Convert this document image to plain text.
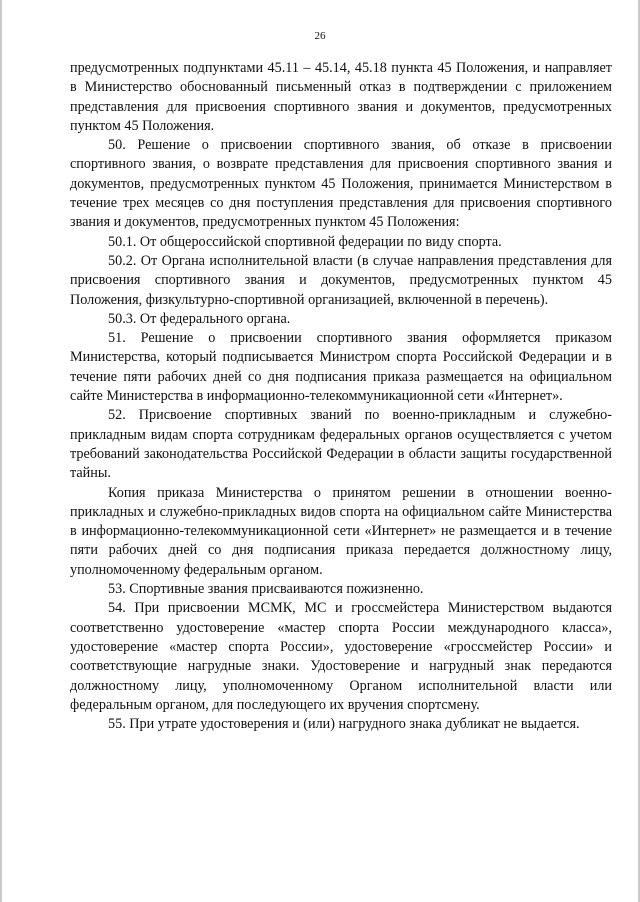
26

предусмотренных подпунктами 45.11 – 45.14, 45.18 пункта 45 Положения, и направляет в Министерство обоснованный письменный отказ в подтверждении с приложением представления для присвоения спортивного звания и документов, предусмотренных пунктом 45 Положения.

50. Решение о присвоении спортивного звания, об отказе в присвоении спортивного звания, о возврате представления для присвоения спортивного звания и документов, предусмотренных пунктом 45 Положения, принимается Министерством в течение трех месяцев со дня поступления представления для присвоения спортивного звания и документов, предусмотренных пунктом 45 Положения:

50.1. От общероссийской спортивной федерации по виду спорта.

50.2. От Органа исполнительной власти (в случае направления представления для присвоения спортивного звания и документов, предусмотренных пунктом 45 Положения, физкультурно-спортивной организацией, включенной в перечень).

50.3. От федерального органа.

51. Решение о присвоении спортивного звания оформляется приказом Министерства, который подписывается Министром спорта Российской Федерации и в течение пяти рабочих дней со дня подписания приказа размещается на официальном сайте Министерства в информационно-телекоммуникационной сети «Интернет».

52. Присвоение спортивных званий по военно-прикладным и служебно-прикладным видам спорта сотрудникам федеральных органов осуществляется с учетом требований законодательства Российской Федерации в области защиты государственной тайны.

Копия приказа Министерства о принятом решении в отношении военно-прикладных и служебно-прикладных видов спорта на официальном сайте Министерства в информационно-телекоммуникационной сети «Интернет» не размещается и в течение пяти рабочих дней со дня подписания приказа передается должностному лицу, уполномоченному федеральным органом.

53. Спортивные звания присваиваются пожизненно.

54. При присвоении МСМК, МС и гроссмейстера Министерством выдаются соответственно удостоверение «мастер спорта России международного класса», удостоверение «мастер спорта России», удостоверение «гроссмейстер России» и соответствующие нагрудные знаки. Удостоверение и нагрудный знак передаются должностному лицу, уполномоченному Органом исполнительной власти или федеральным органом, для последующего их вручения спортсмену.

55. При утрате удостоверения и (или) нагрудного знака дубликат не выдается.
